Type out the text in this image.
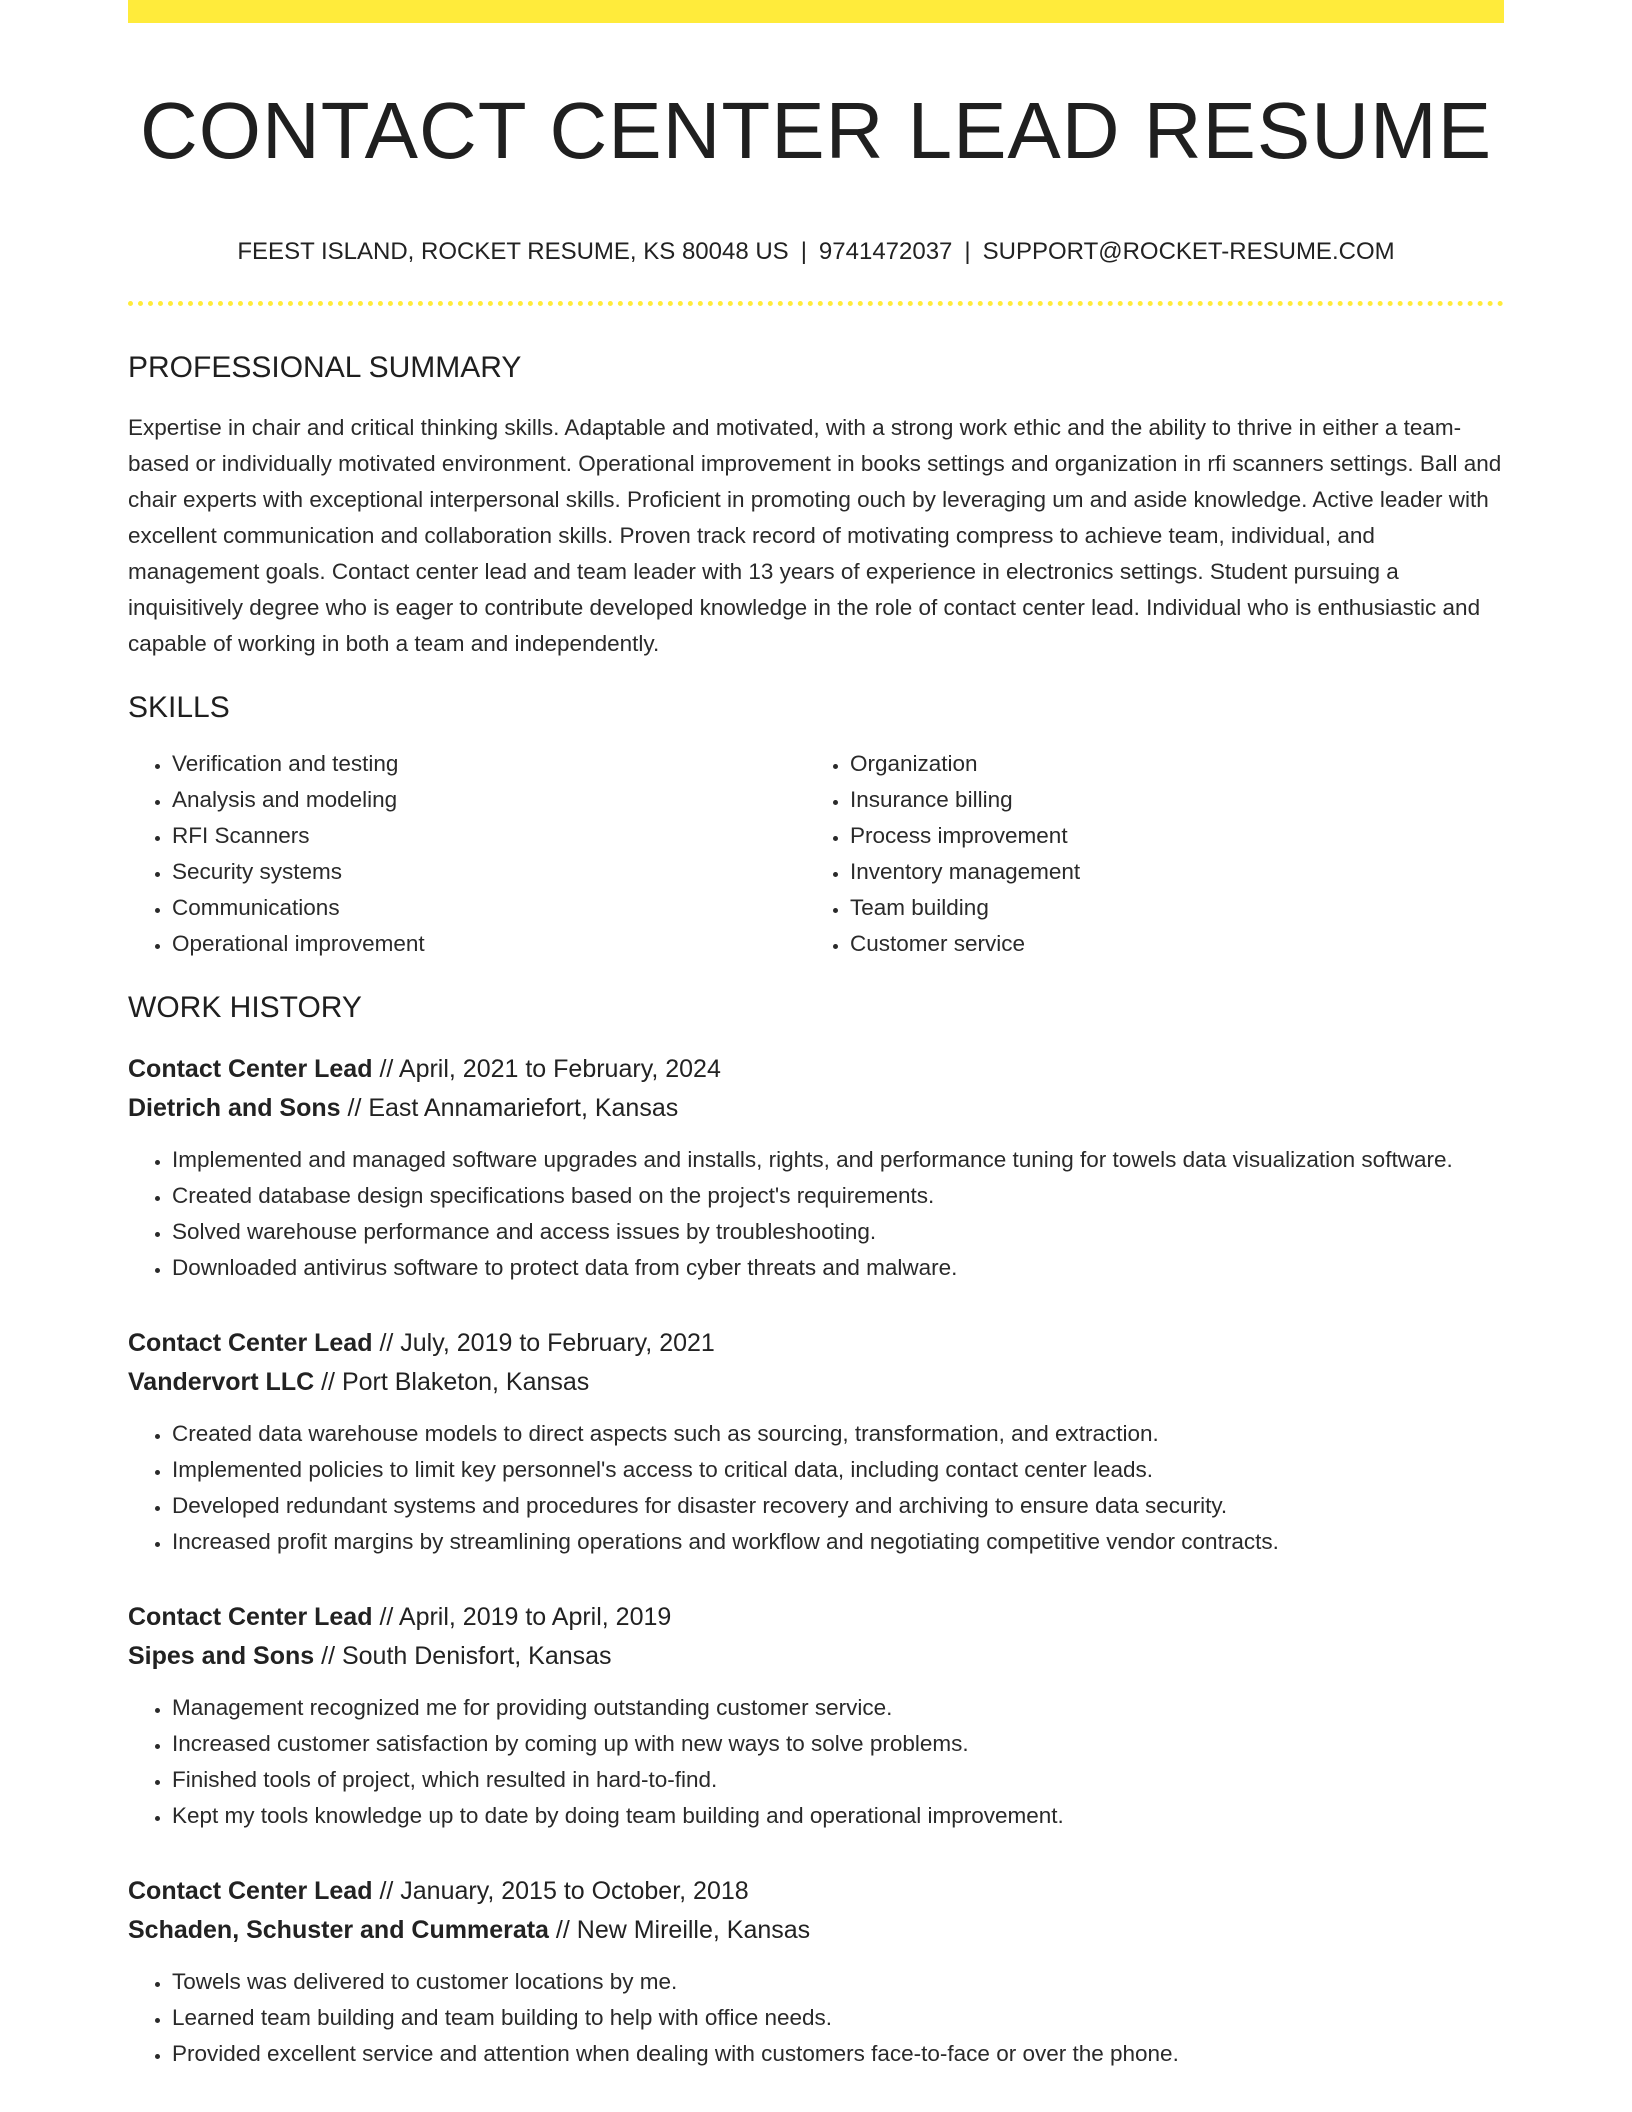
CONTACT CENTER LEAD RESUME
FEEST ISLAND, ROCKET RESUME, KS 80048 US | 9741472037 | SUPPORT@ROCKET-RESUME.COM
PROFESSIONAL SUMMARY

Expertise in chair and critical thinking skills. Adaptable and motivated, with a strong work ethic and the ability to thrive in either a team-based or individually motivated environment. Operational improvement in books settings and organization in rfi scanners settings. Ball and chair experts with exceptional interpersonal skills. Proficient in promoting ouch by leveraging um and aside knowledge. Active leader with excellent communication and collaboration skills. Proven track record of motivating compress to achieve team, individual, and management goals. Contact center lead and team leader with 13 years of experience in electronics settings. Student pursuing a inquisitively degree who is eager to contribute developed knowledge in the role of contact center lead. Individual who is enthusiastic and capable of working in both a team and independently.

SKILLS
• Verification and testing
• Analysis and modeling
• RFI Scanners
• Security systems
• Communications
• Operational improvement
• Organization
• Insurance billing
• Process improvement
• Inventory management
• Team building
• Customer service
WORK HISTORY
Contact Center Lead // April, 2021 to February, 2024
Dietrich and Sons // East Annamariefort, Kansas
• Implemented and managed software upgrades and installs, rights, and performance tuning for towels data visualization software.
• Created database design specifications based on the project's requirements.
• Solved warehouse performance and access issues by troubleshooting.
• Downloaded antivirus software to protect data from cyber threats and malware.
Contact Center Lead // July, 2019 to February, 2021
Vandervort LLC // Port Blaketon, Kansas
• Created data warehouse models to direct aspects such as sourcing, transformation, and extraction.
• Implemented policies to limit key personnel's access to critical data, including contact center leads.
• Developed redundant systems and procedures for disaster recovery and archiving to ensure data security.
• Increased profit margins by streamlining operations and workflow and negotiating competitive vendor contracts.
Contact Center Lead // April, 2019 to April, 2019
Sipes and Sons // South Denisfort, Kansas
• Management recognized me for providing outstanding customer service.
• Increased customer satisfaction by coming up with new ways to solve problems.
• Finished tools of project, which resulted in hard-to-find.
• Kept my tools knowledge up to date by doing team building and operational improvement.
Contact Center Lead // January, 2015 to October, 2018
Schaden, Schuster and Cummerata // New Mireille, Kansas
• Towels was delivered to customer locations by me.
• Learned team building and team building to help with office needs.
• Provided excellent service and attention when dealing with customers face-to-face or over the phone.
